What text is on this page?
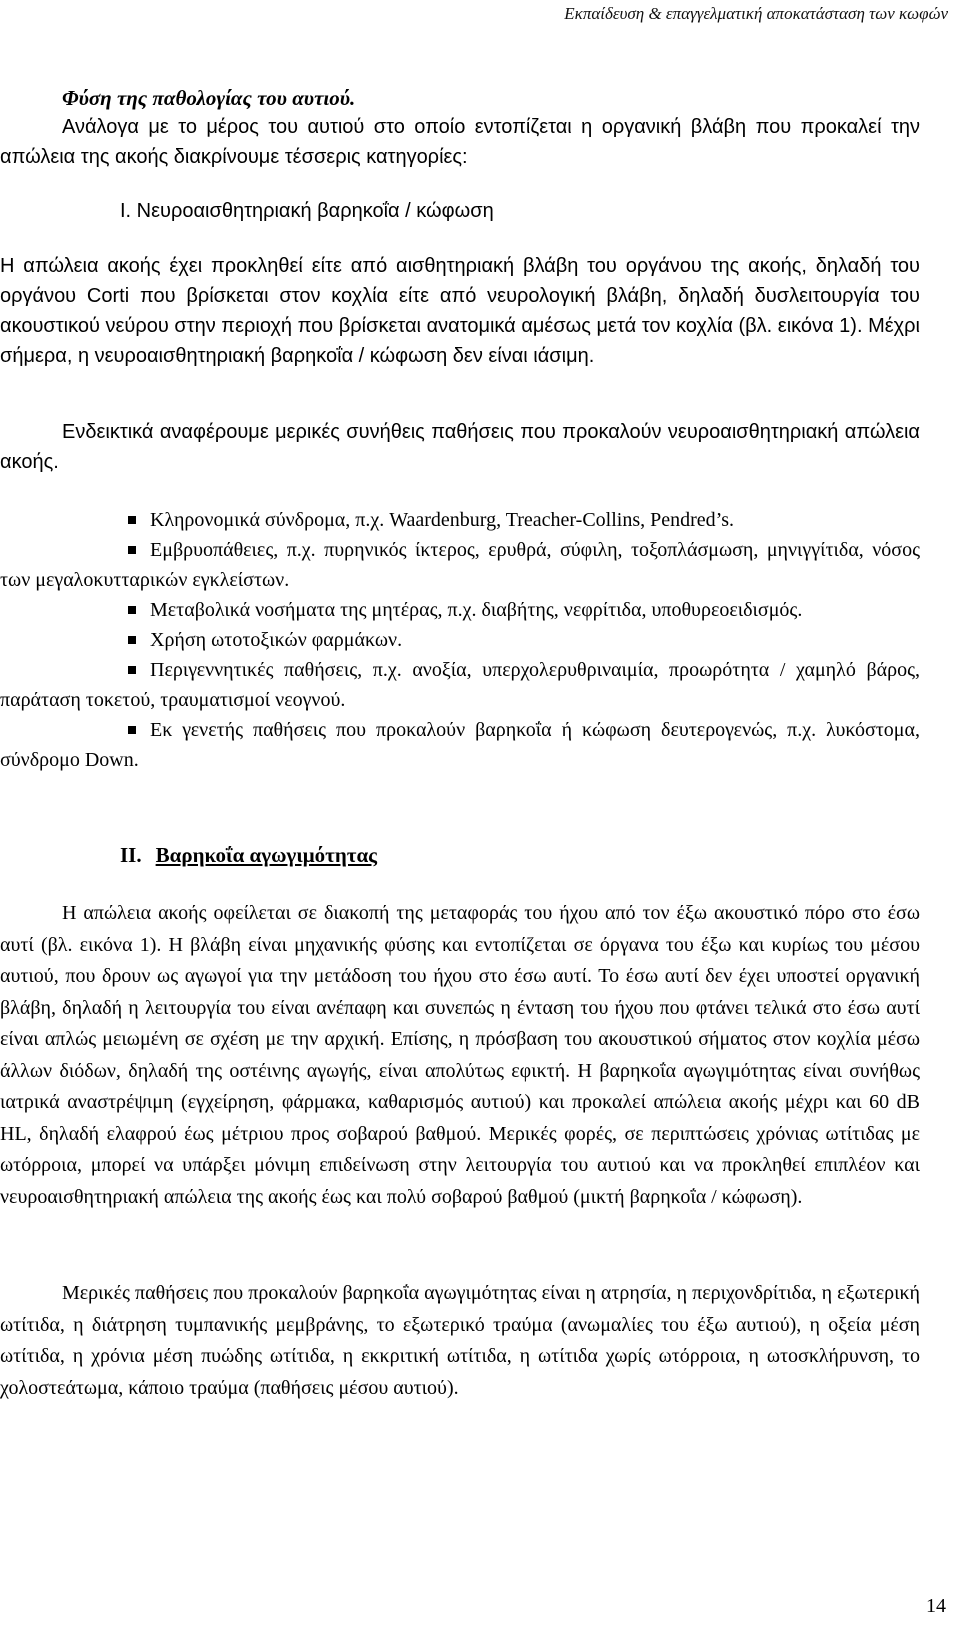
Εκπαίδευση & επαγγελματική αποκατάσταση των κωφών
Φύση της παθολογίας του αυτιού.
Ανάλογα με το μέρος του αυτιού στο οποίο εντοπίζεται η οργανική βλάβη που προκαλεί την απώλεια της ακοής διακρίνουμε τέσσερις κατηγορίες:
Ι. Νευροαισθητηριακή βαρηκοΐα / κώφωση
Η απώλεια ακοής έχει προκληθεί είτε από αισθητηριακή βλάβη του οργάνου της ακοής, δηλαδή του οργάνου Corti που βρίσκεται στον κοχλία είτε από νευρολογική βλάβη, δηλαδή δυσλειτουργία του ακουστικού νεύρου στην περιοχή που βρίσκεται ανατομικά αμέσως μετά τον κοχλία (βλ. εικόνα 1). Μέχρι σήμερα, η νευροαισθητηριακή βαρηκοΐα / κώφωση δεν είναι ιάσιμη.
Ενδεικτικά αναφέρουμε μερικές συνήθεις παθήσεις που προκαλούν νευροαισθητηριακή απώλεια ακοής.
Κληρονομικά σύνδρομα, π.χ. Waardenburg, Treacher-Collins, Pendred’s.
Εμβρυοπάθειες, π.χ. πυρηνικός ίκτερος, ερυθρά, σύφιλη, τοξοπλάσμωση, μηνιγγίτιδα, νόσος των μεγαλοκυτταρικών εγκλείστων.
Μεταβολικά νοσήματα της μητέρας, π.χ. διαβήτης, νεφρίτιδα, υποθυρεοειδισμός.
Χρήση ωτοτοξικών φαρμάκων.
Περιγεννητικές παθήσεις, π.χ. ανοξία, υπερχολερυθριναιμία, προωρότητα / χαμηλό βάρος, παράταση τοκετού, τραυματισμοί νεογνού.
Εκ γενετής παθήσεις που προκαλούν βαρηκοΐα ή κώφωση δευτερογενώς, π.χ. λυκόστομα, σύνδρομο Down.
ΙΙ. Βαρηκοΐα αγωγιμότητας
Η απώλεια ακοής οφείλεται σε διακοπή της μεταφοράς του ήχου από τον έξω ακουστικό πόρο στο έσω αυτί (βλ. εικόνα 1). Η βλάβη είναι μηχανικής φύσης και εντοπίζεται σε όργανα του έξω και κυρίως του μέσου αυτιού, που δρουν ως αγωγοί για την μετάδοση του ήχου στο έσω αυτί. Το έσω αυτί δεν έχει υποστεί οργανική βλάβη, δηλαδή η λειτουργία του είναι ανέπαφη και συνεπώς η ένταση του ήχου που φτάνει τελικά στο έσω αυτί είναι απλώς μειωμένη σε σχέση με την αρχική. Επίσης, η πρόσβαση του ακουστικού σήματος στον κοχλία μέσω άλλων διόδων, δηλαδή της οστέινης αγωγής, είναι απολύτως εφικτή. Η βαρηκοΐα αγωγιμότητας είναι συνήθως ιατρικά αναστρέψιμη (εγχείρηση, φάρμακα, καθαρισμός αυτιού) και προκαλεί απώλεια ακοής μέχρι και 60 dB HL, δηλαδή ελαφρού έως μέτριου προς σοβαρού βαθμού. Μερικές φορές, σε περιπτώσεις χρόνιας ωτίτιδας με ωτόρροια, μπορεί να υπάρξει μόνιμη επιδείνωση στην λειτουργία του αυτιού και να προκληθεί επιπλέον και νευροαισθητηριακή απώλεια της ακοής έως και πολύ σοβαρού βαθμού (μικτή βαρηκοΐα / κώφωση).
Μερικές παθήσεις που προκαλούν βαρηκοΐα αγωγιμότητας είναι η ατρησία, η περιχονδρίτιδα, η εξωτερική ωτίτιδα, η διάτρηση τυμπανικής μεμβράνης, το εξωτερικό τραύμα (ανωμαλίες του έξω αυτιού), η οξεία μέση ωτίτιδα, η χρόνια μέση πυώδης ωτίτιδα, η εκκριτική ωτίτιδα, η ωτίτιδα χωρίς ωτόρροια, η ωτοσκλήρυνση, το χολοστεάτωμα, κάποιο τραύμα (παθήσεις μέσου αυτιού).
14
